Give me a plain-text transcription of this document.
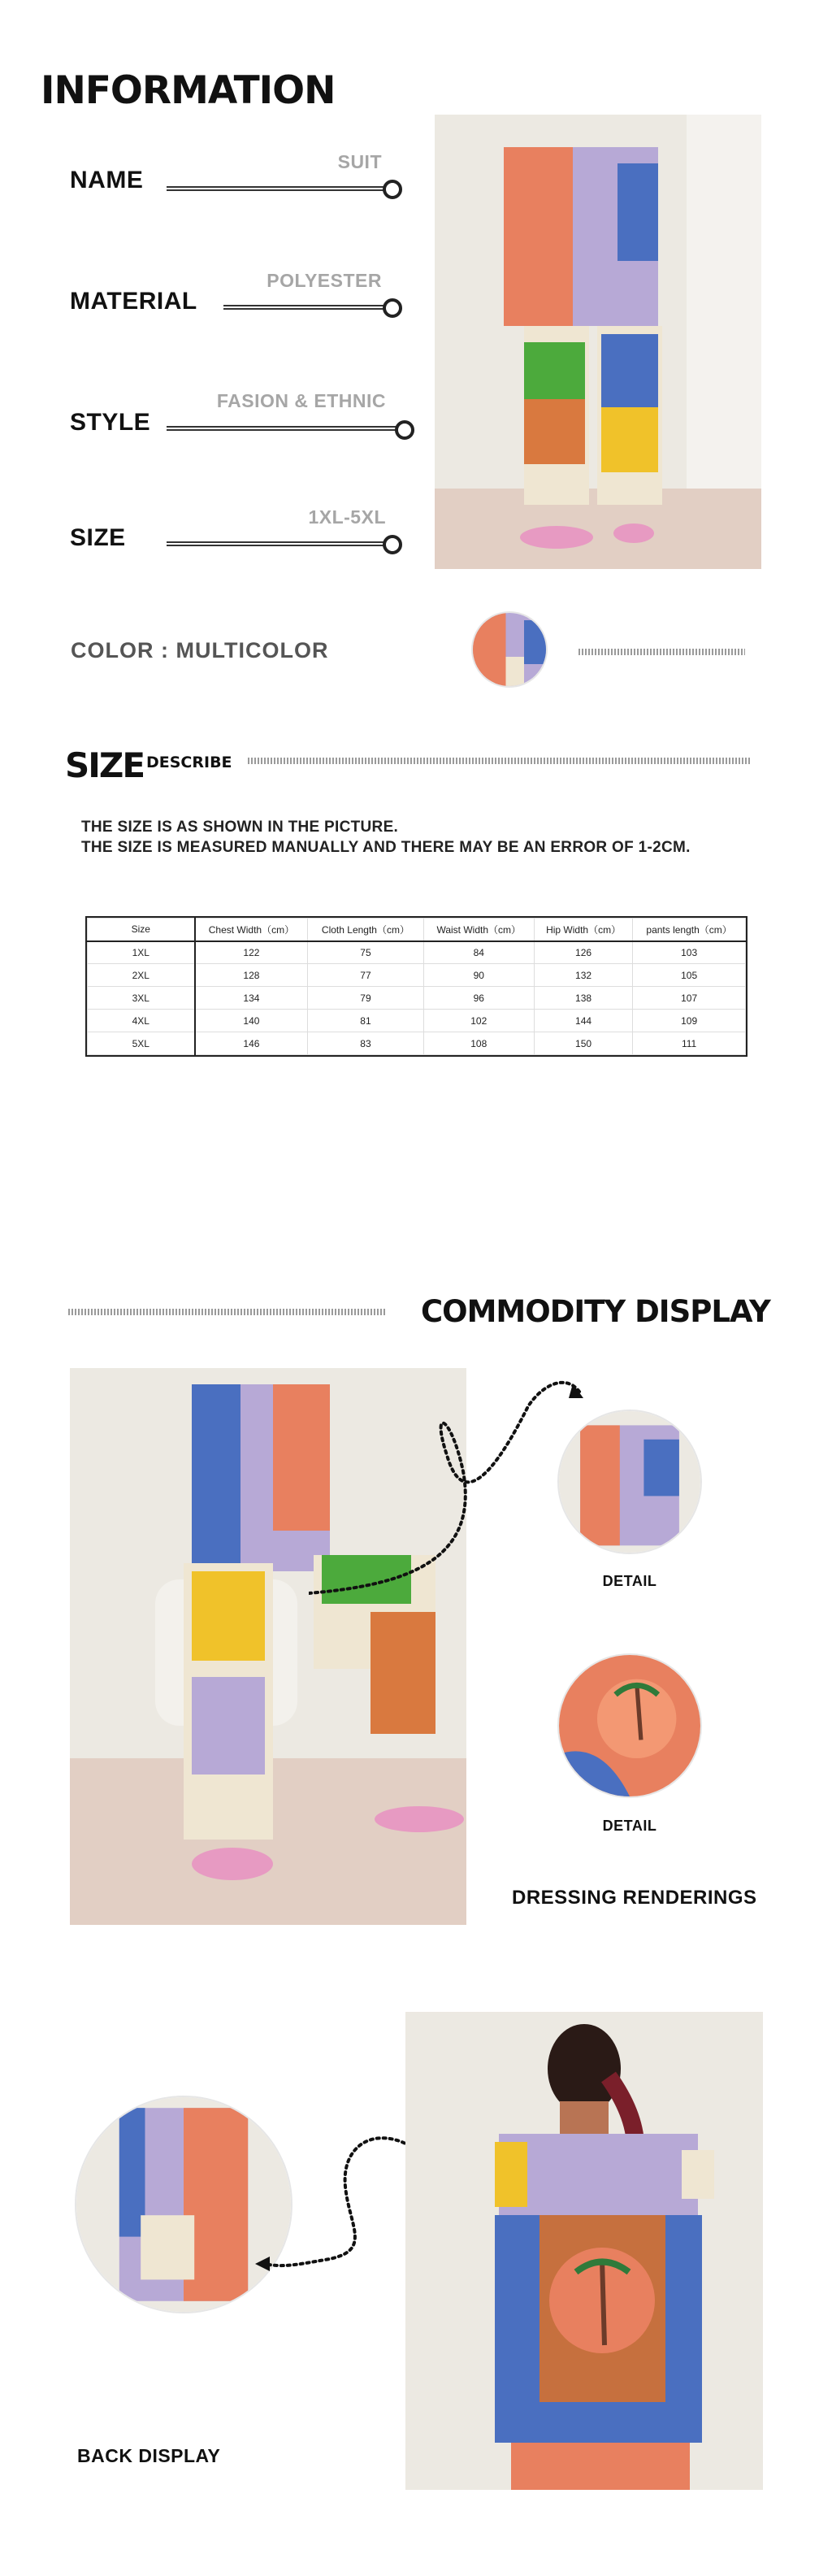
INFORMATION
NAME
SUIT
MATERIAL
POLYESTER
STYLE
FASION & ETHNIC
SIZE
1XL-5XL
COLOR : MULTICOLOR
SIZE DESCRIBE
THE SIZE IS AS SHOWN IN THE PICTURE.
THE SIZE IS MEASURED MANUALLY AND THERE MAY BE AN ERROR OF 1-2CM.
Size	Chest Width（cm）	Cloth Length（cm）	Waist Width（cm）	Hip Width（cm）	pants length（cm）
1XL	122	75	84	126	103
2XL	128	77	90	132	105
3XL	134	79	96	138	107
4XL	140	81	102	144	109
5XL	146	83	108	150	111
COMMODITY DISPLAY
DETAIL
DETAIL
DRESSING RENDERINGS
BACK DISPLAY
